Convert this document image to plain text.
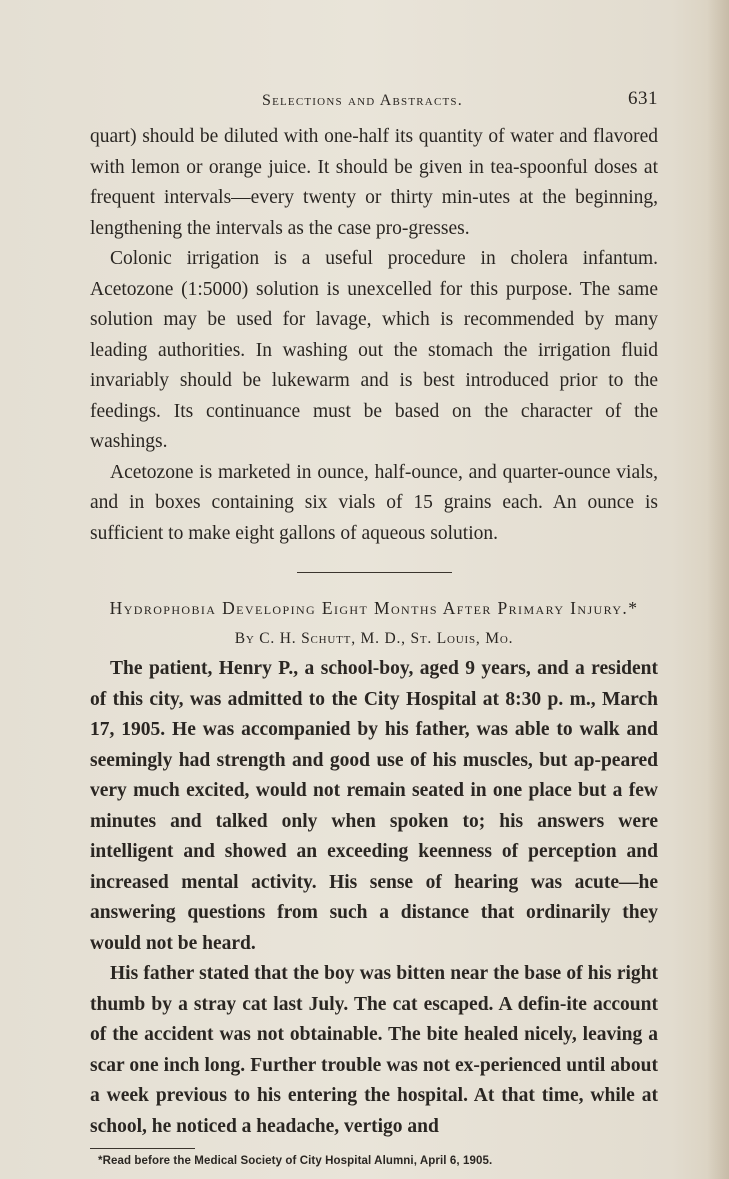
Selections and Abstracts.	631

quart) should be diluted with one-half its quantity of water and flavored with lemon or orange juice. It should be given in tea-spoonful doses at frequent intervals—every twenty or thirty min-utes at the beginning, lengthening the intervals as the case pro-gresses.

Colonic irrigation is a useful procedure in cholera infantum. Acetozone (1:5000) solution is unexcelled for this purpose. The same solution may be used for lavage, which is recommended by many leading authorities. In washing out the stomach the irrigation fluid invariably should be lukewarm and is best introduced prior to the feedings. Its continuance must be based on the character of the washings.

Acetozone is marketed in ounce, half-ounce, and quarter-ounce vials, and in boxes containing six vials of 15 grains each. An ounce is sufficient to make eight gallons of aqueous solution.

Hydrophobia Developing Eight Months After Primary Injury.*
By C. H. Schutt, M. D., St. Louis, Mo.

The patient, Henry P., a school-boy, aged 9 years, and a resident of this city, was admitted to the City Hospital at 8:30 p. m., March 17, 1905. He was accompanied by his father, was able to walk and seemingly had strength and good use of his muscles, but ap-peared very much excited, would not remain seated in one place but a few minutes and talked only when spoken to; his answers were intelligent and showed an exceeding keenness of perception and increased mental activity. His sense of hearing was acute—he answering questions from such a distance that ordinarily they would not be heard.

His father stated that the boy was bitten near the base of his right thumb by a stray cat last July. The cat escaped. A defin-ite account of the accident was not obtainable. The bite healed nicely, leaving a scar one inch long. Further trouble was not ex-perienced until about a week previous to his entering the hospital. At that time, while at school, he noticed a headache, vertigo and

*Read before the Medical Society of City Hospital Alumni, April 6, 1905.
